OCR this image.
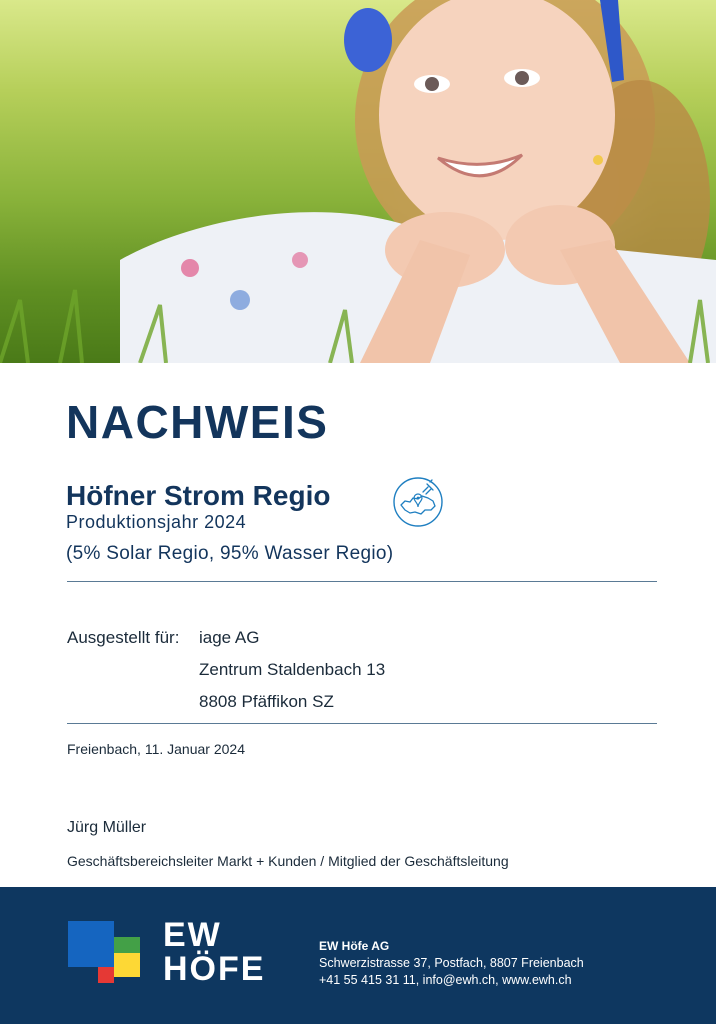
NACHWEIS
Höfner Strom Regio
Produktionsjahr 2024
(5% Solar Regio, 95% Wasser Regio)
Ausgestellt für: iage AG
Zentrum Staldenbach 13
8808 Pfäffikon SZ
Freienbach, 11. Januar 2024
Jürg Müller
Geschäftsbereichsleiter Markt + Kunden / Mitglied der Geschäftsleitung
EW
HÖFE
EW Höfe AG
Schwerzistrasse 37, Postfach, 8807 Freienbach
+41 55 415 31 11, info@ewh.ch, www.ewh.ch
